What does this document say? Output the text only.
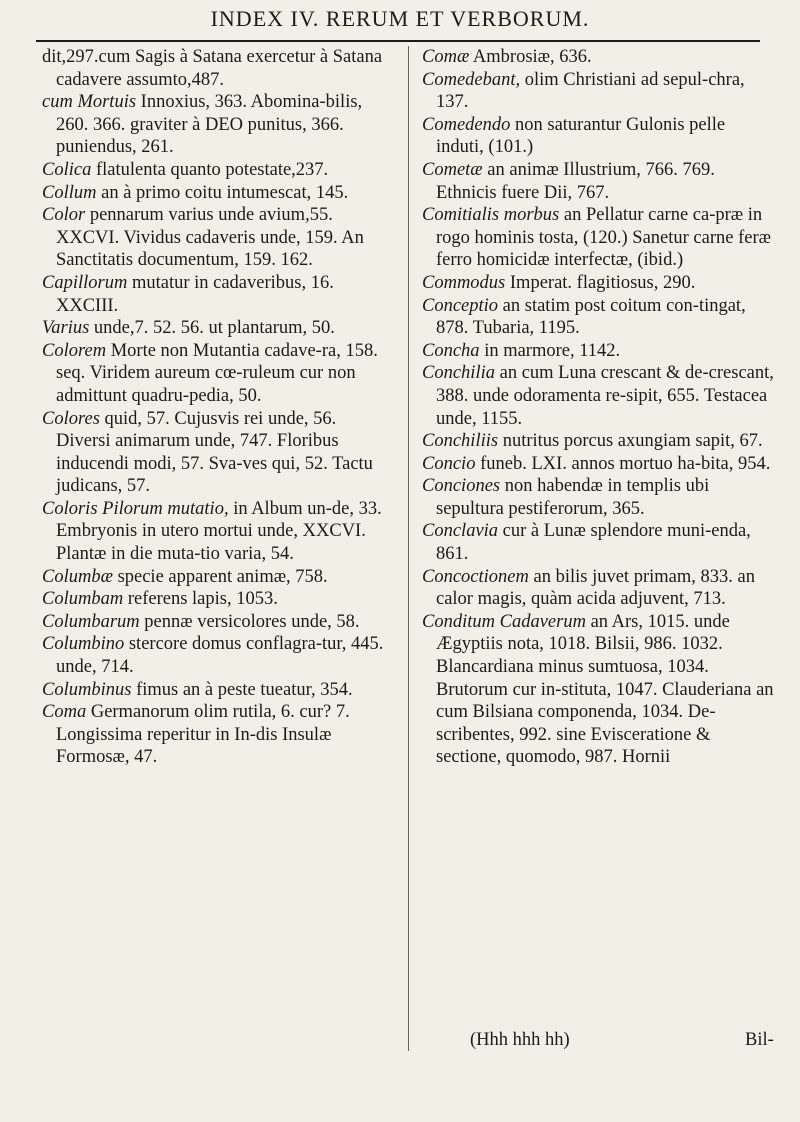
INDEX IV. RERUM ET VERBORUM.

dit,297.cum Sagis à Satana exercetur à Satana cadavere assumto,487.

cum Mortuis Innoxius, 363. Abomina-bilis, 260. 366. graviter à DEO punitus, 366. puniendus, 261.

Colica flatulenta quanto potestate,237.

Collum an à primo coitu intumescat, 145.

Color pennarum varius unde avium,55. XXCVI. Vividus cadaveris unde, 159. An Sanctitatis documentum, 159. 162.

Capillorum mutatur in cadaveribus, 16. XXCIII.

Varius unde,7. 52. 56. ut plantarum, 50.

Colorem Morte non Mutantia cadave-ra, 158. seq. Viridem aureum cœ-ruleum cur non admittunt quadru-pedia, 50.

Colores quid, 57. Cujusvis rei unde, 56. Diversi animarum unde, 747. Floribus inducendi modi, 57. Sva-ves qui, 52. Tactu judicans, 57.

Coloris Pilorum mutatio, in Album un-de, 33. Embryonis in utero mortui unde, XXCVI. Plantæ in die muta-tio varia, 54.

Columbæ specie apparent animæ, 758.

Columbam referens lapis, 1053.

Columbarum pennæ versicolores unde, 58.

Columbino stercore domus conflagra-tur, 445. unde, 714.

Columbinus fimus an à peste tueatur, 354.

Coma Germanorum olim rutila, 6. cur? 7. Longissima reperitur in In-dis Insulæ Formosæ, 47.

Comæ Ambrosiæ, 636.

Comedebant, olim Christiani ad sepul-chra, 137.

Comedendo non saturantur Gulonis pelle induti, (101.)

Cometæ an animæ Illustrium, 766. 769. Ethnicis fuere Dii, 767.

Comitialis morbus an Pellatur carne ca-præ in rogo hominis tosta, (120.) Sanetur carne feræ ferro homicidæ interfectæ, (ibid.)

Commodus Imperat. flagitiosus, 290.

Conceptio an statim post coitum con-tingat, 878. Tubaria, 1195.

Concha in marmore, 1142.

Conchilia an cum Luna crescant & de-crescant, 388. unde odoramenta re-sipit, 655. Testacea unde, 1155.

Conchiliis nutritus porcus axungiam sapit, 67.

Concio funeb. LXI. annos mortuo ha-bita, 954.

Conciones non habendæ in templis ubi sepultura pestiferorum, 365.

Conclavia cur à Lunæ splendore muni-enda, 861.

Concoctionem an bilis juvet primam, 833. an calor magis, quàm acida adjuvent, 713.

Conditum Cadaverum an Ars, 1015. unde Ægyptiis nota, 1018. Bilsii, 986. 1032. Blancardiana minus sumtuosa, 1034. Brutorum cur in-stituta, 1047. Clauderiana an cum Bilsiana componenda, 1034. De-scribentes, 992. sine Evisceratione & sectione, quomodo, 987. Hornii

(Hhh hhh hh)	Bil-
